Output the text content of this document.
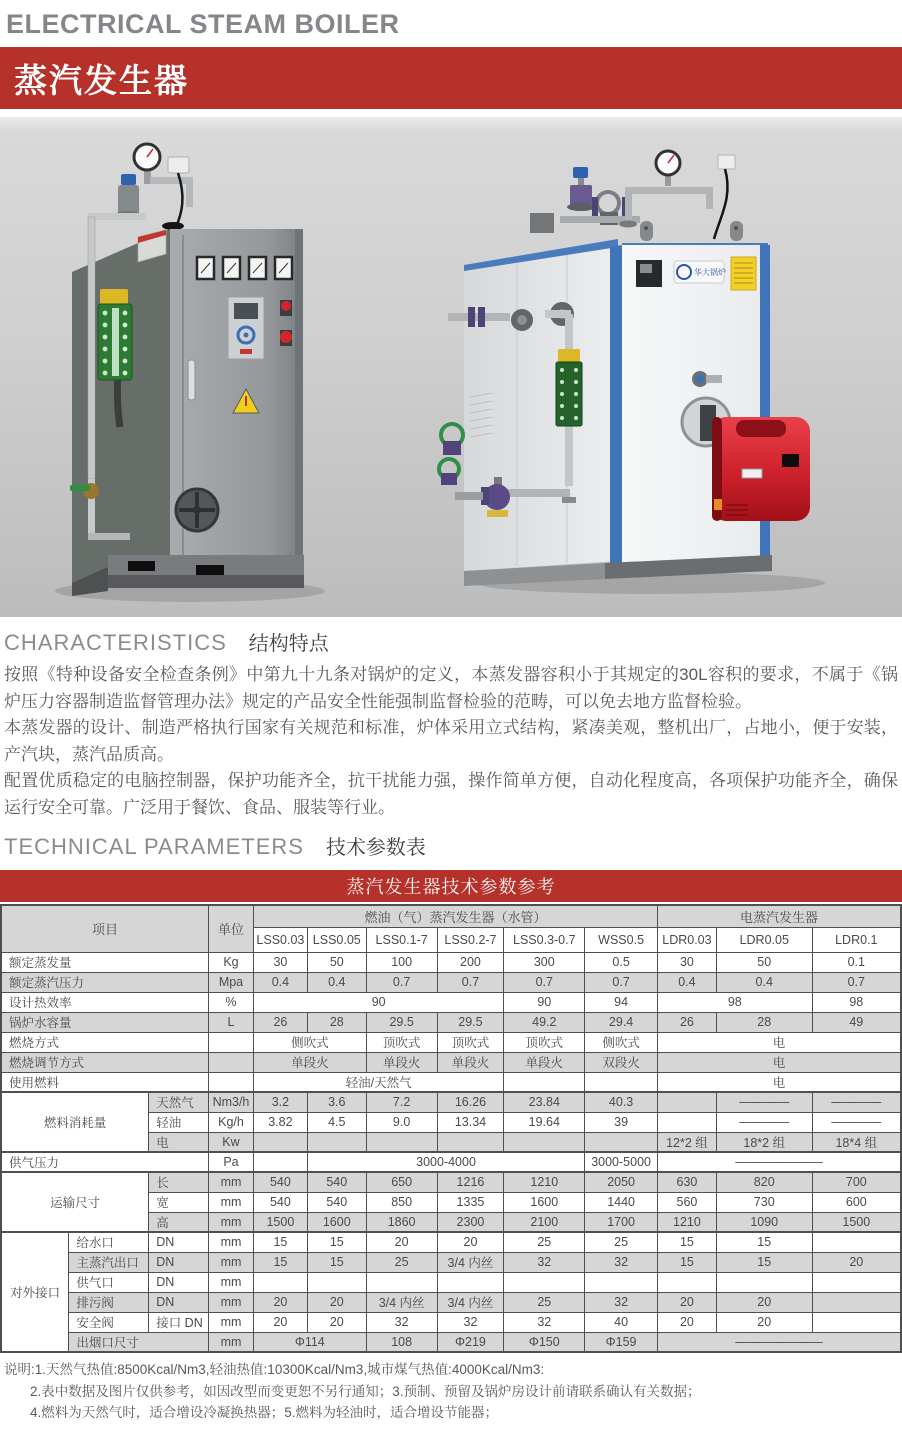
ELECTRICAL STEAM BOILER
蒸汽发生器
华大锅炉
CHARACTERISTICS 结构特点

按照《特种设备安全检查条例》中第九十九条对锅炉的定义，本蒸发器容积小于其规定的30L容积的要求，不属于《锅炉压力容器制造监督管理办法》规定的产品安全性能强制监督检验的范畴，可以免去地方监督检验。

本蒸发器的设计、制造严格执行国家有关规范和标准，炉体采用立式结构，紧凑美观，整机出厂，占地小，便于安装，产汽块，蒸汽品质高。

配置优质稳定的电脑控制器，保护功能齐全，抗干扰能力强，操作简单方便，自动化程度高，各项保护功能齐全，确保运行安全可靠。广泛用于餐饮、食品、服装等行业。

TECHNICAL PARAMETERS 技术参数表
蒸汽发生器技术参数参考
项目			单位	燃油（气）蒸汽发生器（水管）						电蒸汽发生器		
				LSS0.03	LSS0.05	LSS0.1-7	LSS0.2-7	LSS0.3-0.7	WSS0.5	LDR0.03	LDR0.05	LDR0.1
额定蒸发量			Kg	30	50	100	200	300	0.5	30	50	0.1
额定蒸汽压力			Mpa	0.4	0.4	0.7	0.7	0.7	0.7	0.4	0.4	0.7
设计热效率			%	90				90	94	98		98
锅炉水容量			L	26	28	29.5	29.5	49.2	29.4	26	28	49
燃烧方式				侧吹式		顶吹式	顶吹式	顶吹式	侧吹式	电		
燃烧调节方式				单段火		单段火	单段火	单段火	双段火	电		
使用燃料				轻油/天然气						电		
燃料消耗量		天然气	Nm3/h	3.2	3.6	7.2	16.26	23.84	40.3		————	————
		轻油	Kg/h	3.82	4.5	9.0	13.34	19.64	39		————	————
		电	Kw							12*2 组	18*2 组	18*4 组
供气压力			Pa		3000-4000				3000-5000	———————		
运输尺寸		长	mm	540	540	650	1216	1210	2050	630	820	700
		宽	mm	540	540	850	1335	1600	1440	560	730	600
		高	mm	1500	1600	1860	2300	2100	1700	1210	1090	1500
对外接口	给水口	DN	mm	15	15	20	20	25	25	15	15	
	主蒸汽出口	DN	mm	15	15	25	3/4 内丝	32	32	15	15	20
	供气口	DN	mm									
	排污阀	DN	mm	20	20	3/4 内丝	3/4 内丝	25	32	20	20	
	安全阀	接口 DN	mm	20	20	32	32	32	40	20	20	
	出烟口尺寸		mm	Φ114		108	Φ219	Φ150	Φ159	———————		
说明:1.天然气热值:8500Kcal/Nm3,轻油热值:10300Kcal/Nm3,城市煤气热值:4000Kcal/Nm3:
2.表中数据及图片仅供参考，如因改型而变更恕不另行通知；3.预制、预留及锅炉房设计前请联系确认有关数据；
4.燃料为天然气时，适合增设冷凝换热器；5.燃料为轻油时，适合增设节能器；
